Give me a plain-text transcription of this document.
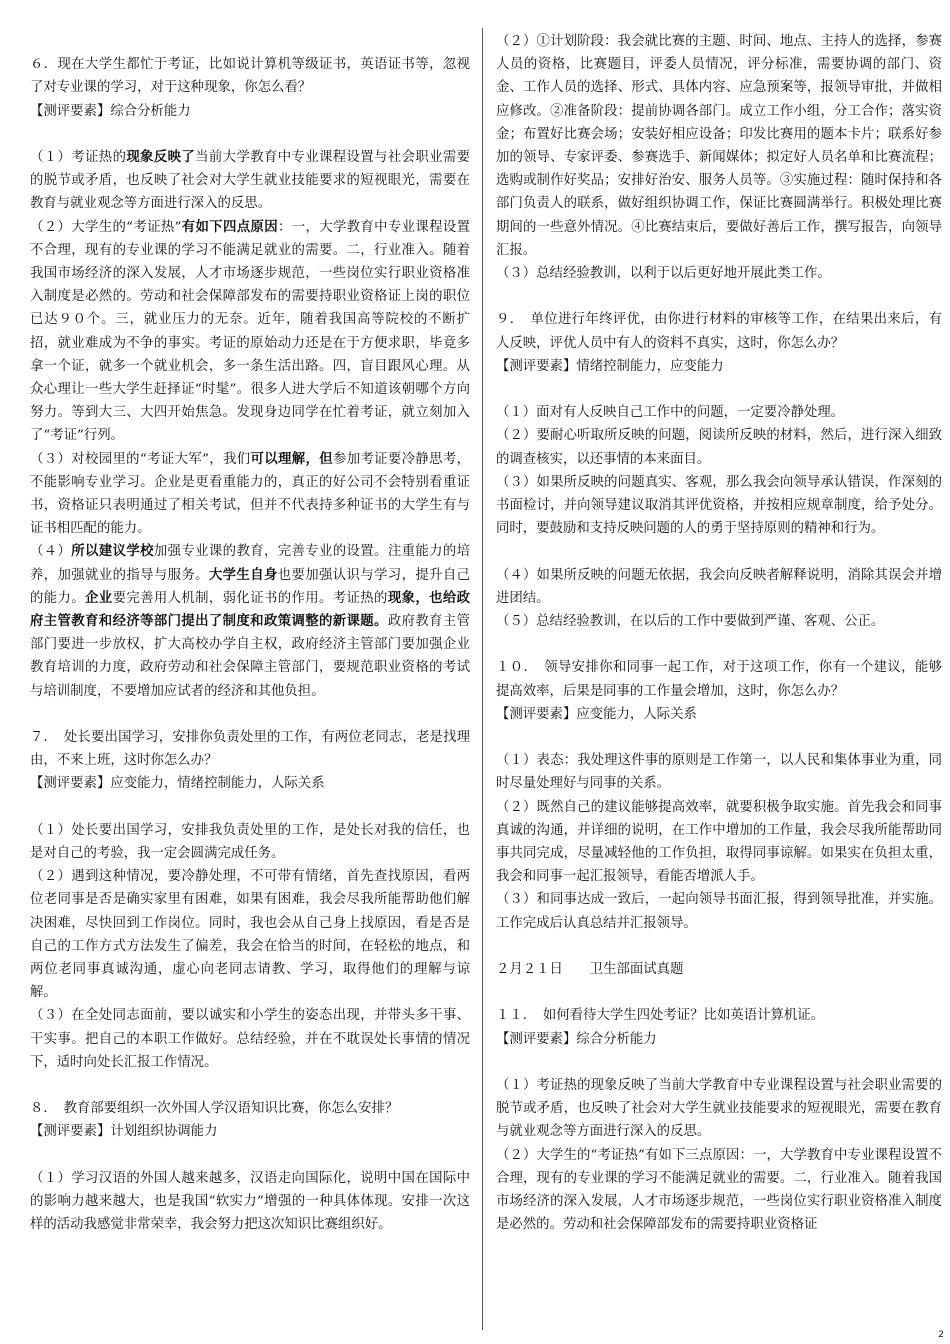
６．现在大学生都忙于考证，比如说计算机等级证书，英语证书等，忽视了对专业课的学习，对于这种现象，你怎么看？

【测评要素】综合分析能力

（１）考证热的现象反映了当前大学教育中专业课程设置与社会职业需要的脱节或矛盾，也反映了社会对大学生就业技能要求的短视眼光，需要在教育与就业观念等方面进行深入的反思。

（２）大学生的“考证热”有如下四点原因：一，大学教育中专业课程设置不合理，现有的专业课的学习不能满足就业的需要。二，行业准入。随着我国市场经济的深入发展，人才市场逐步规范，一些岗位实行职业资格准入制度是必然的。劳动和社会保障部发布的需要持职业资格证上岗的职位已达９０个。三，就业压力的无奈。近年，随着我国高等院校的不断扩招，就业难成为不争的事实。考证的原始动力还是在于方便求职，毕竟多拿一个证，就多一个就业机会，多一条生活出路。四，盲目跟风心理。从众心理让一些大学生赶择证“时髦”。很多人进大学后不知道该朝哪个方向努力。等到大三、大四开始焦急。发现身边同学在忙着考证，就立刻加入了“考证”行列。

（３）对校园里的“考证大军”，我们可以理解，但参加考证要冷静思考，不能影响专业学习。企业是更看重能力的，真正的好公司不会特别看重证书，资格证只表明通过了相关考试，但并不代表持多种证书的大学生有与证书相匹配的能力。

（４）所以建议学校加强专业课的教育，完善专业的设置。注重能力的培养，加强就业的指导与服务。大学生自身也要加强认识与学习，提升自己的能力。企业要完善用人机制，弱化证书的作用。考证热的现象，也给政府主管教育和经济等部门提出了制度和政策调整的新课题。政府教育主管部门要进一步放权，扩大高校办学自主权，政府经济主管部门要加强企业教育培训的力度，政府劳动和社会保障主管部门，要规范职业资格的考试与培训制度，不要增加应试者的经济和其他负担。

７．　处长要出国学习，安排你负责处里的工作，有两位老同志，老是找理由，不来上班，这时你怎么办？

【测评要素】应变能力，情绪控制能力，人际关系

（１）处长要出国学习，安排我负责处里的工作，是处长对我的信任，也是对自己的考验，我一定会圆满完成任务。

（２）遇到这种情况，要冷静处理，不可带有情绪，首先查找原因，看两位老同事是否是确实家里有困难，如果有困难，我会尽我所能帮助他们解决困难，尽快回到工作岗位。同时，我也会从自己身上找原因，看是否是自己的工作方式方法发生了偏差，我会在恰当的时间，在轻松的地点，和两位老同事真诚沟通，虚心向老同志请教、学习，取得他们的理解与谅解。

（３）在全处同志面前，要以诚实和小学生的姿态出现，并带头多干事、干实事。把自己的本职工作做好。总结经验，并在不耽误处长事情的情况下，适时向处长汇报工作情况。

８．　教育部要组织一次外国人学汉语知识比赛，你怎么安排？

【测评要素】计划组织协调能力

（１）学习汉语的外国人越来越多，汉语走向国际化，说明中国在国际中的影响力越来越大，也是我国“软实力”增强的一种具体体现。安排一次这样的活动我感觉非常荣幸，我会努力把这次知识比赛组织好。

（２）①计划阶段：我会就比赛的主题、时间、地点、主持人的选择，参赛人员的资格，比赛题目，评委人员情况，评分标准，需要协调的部门、资金、工作人员的选择、形式、具体内容、应急预案等，报领导审批，并做相应修改。②准备阶段：提前协调各部门。成立工作小组，分工合作；落实资金；布置好比赛会场；安装好相应设备；印发比赛用的题本卡片；联系好参加的领导、专家评委、参赛选手、新闻媒体；拟定好人员名单和比赛流程；选购或制作好奖品；安排好治安、服务人员等。③实施过程：随时保持和各部门负责人的联系，做好组织协调工作，保证比赛圆满举行。积极处理比赛期间的一些意外情况。④比赛结束后，要做好善后工作，撰写报告，向领导汇报。

（３）总结经验教训，以利于以后更好地开展此类工作。

９．　单位进行年终评优，由你进行材料的审核等工作，在结果出来后，有人反映，评优人员中有人的资料不真实，这时，你怎么办？

【测评要素】情绪控制能力，应变能力

（１）面对有人反映自己工作中的问题，一定要冷静处理。

（２）要耐心听取所反映的问题，阅读所反映的材料，然后，进行深入细致的调查核实，以还事情的本来面目。

（３）如果所反映的问题真实、客观，那么我会向领导承认错误，作深刻的书面检讨，并向领导建议取消其评优资格，并按相应规章制度，给予处分。同时，要鼓励和支持反映问题的人的勇于坚持原则的精神和行为。

（４）如果所反映的问题无依据，我会向反映者解释说明，消除其误会并增进团结。

（５）总结经验教训，在以后的工作中要做到严谨、客观、公正。

１０．　领导安排你和同事一起工作，对于这项工作，你有一个建议，能够提高效率，后果是同事的工作量会增加，这时，你怎么办？

【测评要素】应变能力，人际关系

（１）表态：我处理这件事的原则是工作第一，以人民和集体事业为重，同时尽量处理好与同事的关系。

（２）既然自己的建议能够提高效率，就要积极争取实施。首先我会和同事真诚的沟通，并详细的说明，在工作中增加的工作量，我会尽我所能帮助同事共同完成，尽量减轻他的工作负担，取得同事谅解。如果实在负担太重，我会和同事一起汇报领导，看能否增派人手。

（３）和同事达成一致后，一起向领导书面汇报，得到领导批准，并实施。工作完成后认真总结并汇报领导。

２月２１日　　卫生部面试真题

１１．　如何看待大学生四处考证？比如英语计算机证。

【测评要素】综合分析能力

（１）考证热的现象反映了当前大学教育中专业课程设置与社会职业需要的脱节或矛盾，也反映了社会对大学生就业技能要求的短视眼光，需要在教育与就业观念等方面进行深入的反思。

（２）大学生的“考证热”有如下三点原因：一，大学教育中专业课程设置不合理，现有的专业课的学习不能满足就业的需要。二，行业准入。随着我国市场经济的深入发展，人才市场逐步规范，一些岗位实行职业资格准入制度是必然的。劳动和社会保障部发布的需要持职业资格证

2
